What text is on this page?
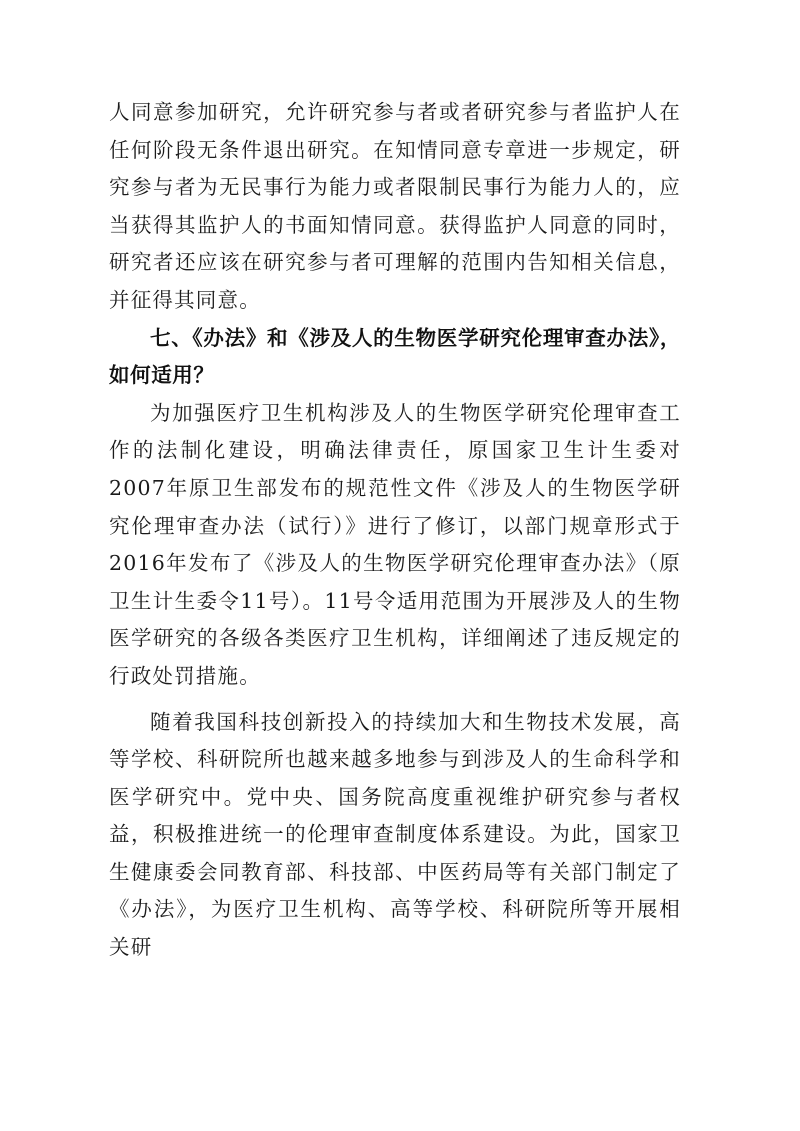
人同意参加研究，允许研究参与者或者研究参与者监护人在任何阶段无条件退出研究。在知情同意专章进一步规定，研究参与者为无民事行为能力或者限制民事行为能力人的，应当获得其监护人的书面知情同意。获得监护人同意的同时，研究者还应该在研究参与者可理解的范围内告知相关信息，并征得其同意。

七、《办法》和《涉及人的生物医学研究伦理审查办法》，如何适用？

为加强医疗卫生机构涉及人的生物医学研究伦理审查工作的法制化建设，明确法律责任，原国家卫生计生委对2007年原卫生部发布的规范性文件《涉及人的生物医学研究伦理审查办法（试行）》进行了修订，以部门规章形式于2016年发布了《涉及人的生物医学研究伦理审查办法》（原卫生计生委令11号）。11号令适用范围为开展涉及人的生物医学研究的各级各类医疗卫生机构，详细阐述了违反规定的行政处罚措施。

随着我国科技创新投入的持续加大和生物技术发展，高等学校、科研院所也越来越多地参与到涉及人的生命科学和医学研究中。党中央、国务院高度重视维护研究参与者权益，积极推进统一的伦理审查制度体系建设。为此，国家卫生健康委会同教育部、科技部、中医药局等有关部门制定了《办法》，为医疗卫生机构、高等学校、科研院所等开展相关研
